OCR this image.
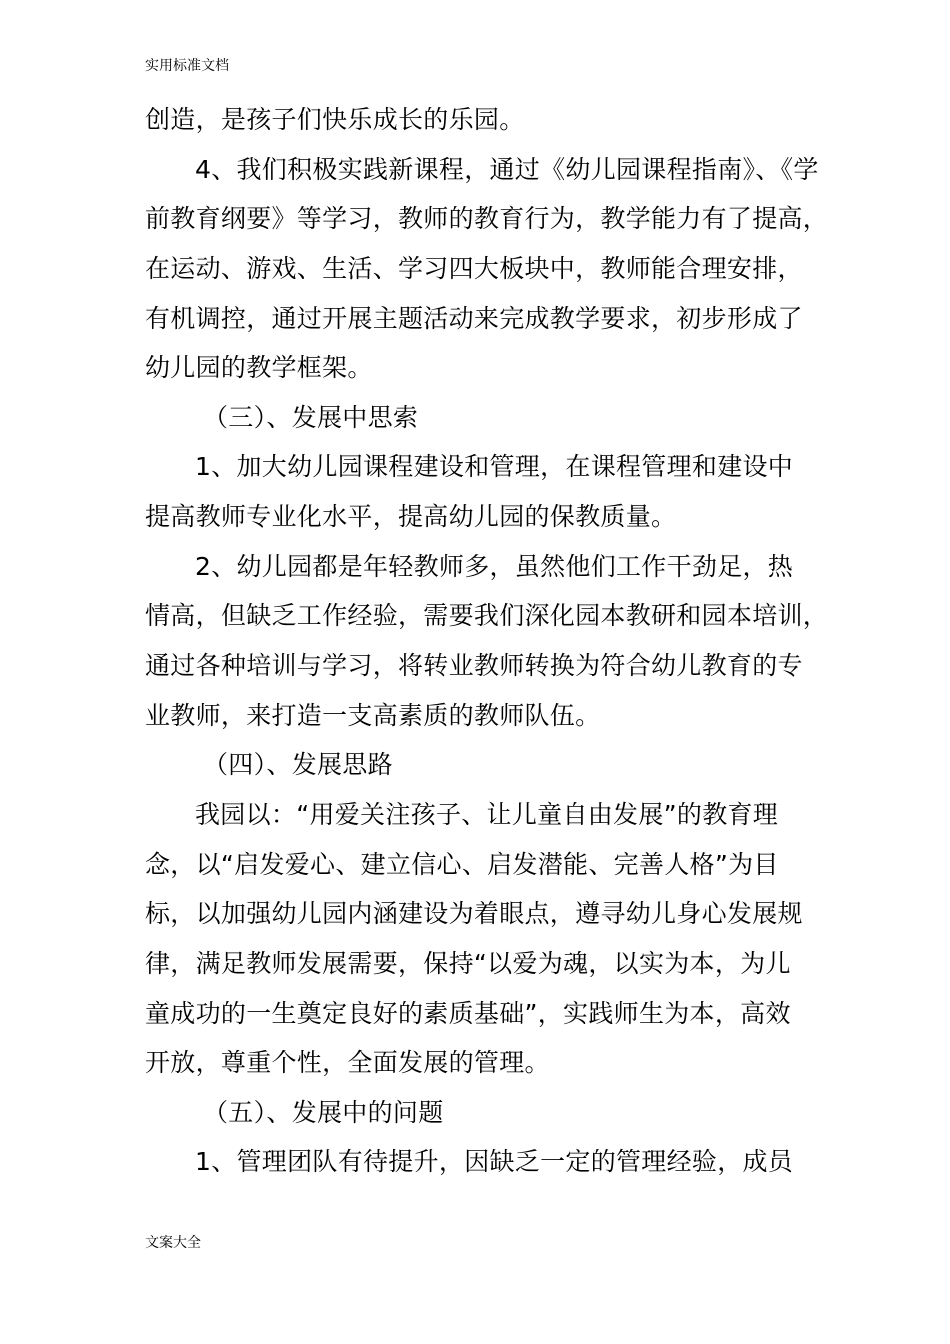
实用标准文档
创造，是孩子们快乐成长的乐园。
4、我们积极实践新课程，通过《幼儿园课程指南》、《学
前教育纲要》等学习，教师的教育行为，教学能力有了提高，
在运动、游戏、生活、学习四大板块中，教师能合理安排，
有机调控，通过开展主题活动来完成教学要求，初步形成了
幼儿园的教学框架。
（三）、发展中思索
1、加大幼儿园课程建设和管理，在课程管理和建设中
提高教师专业化水平，提高幼儿园的保教质量。
2、幼儿园都是年轻教师多，虽然他们工作干劲足，热
情高，但缺乏工作经验，需要我们深化园本教研和园本培训，
通过各种培训与学习，将转业教师转换为符合幼儿教育的专
业教师，来打造一支高素质的教师队伍。
（四）、发展思路
我园以：“用爱关注孩子、让儿童自由发展”的教育理
念，以“启发爱心、建立信心、启发潜能、完善人格”为目
标，以加强幼儿园内涵建设为着眼点，遵寻幼儿身心发展规
律，满足教师发展需要，保持“以爱为魂，以实为本，为儿
童成功的一生奠定良好的素质基础”，实践师生为本，高效
开放，尊重个性，全面发展的管理。
（五）、发展中的问题
1、管理团队有待提升，因缺乏一定的管理经验，成员
文案大全
